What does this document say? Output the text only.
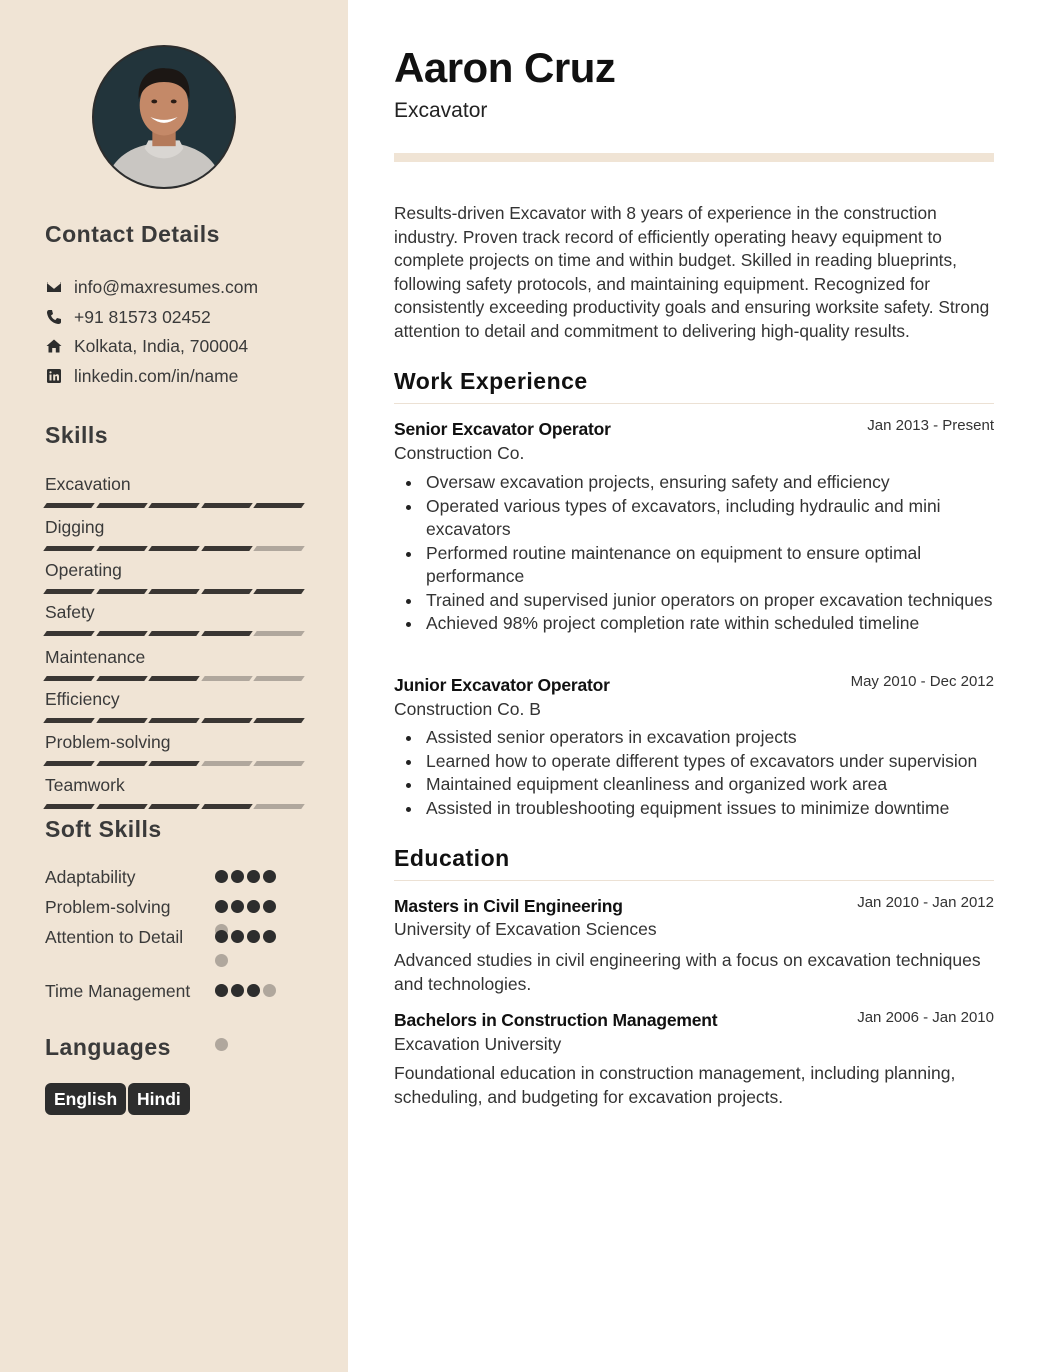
Contact Details
info@maxresumes.com
+91 81573 02452
Kolkata, India, 700004
linkedin.com/in/name
Skills
Excavation
Digging
Operating
Safety
Maintenance
Efficiency
Problem-solving
Teamwork
Soft Skills
Adaptability
Problem-solving
Attention to Detail
Time Management
Languages
English	Hindi
Aaron Cruz
Excavator
Results-driven Excavator with 8 years of experience in the construction industry. Proven track record of efficiently operating heavy equipment to complete projects on time and within budget. Skilled in reading blueprints, following safety protocols, and maintaining equipment. Recognized for consistently exceeding productivity goals and ensuring worksite safety. Strong attention to detail and commitment to delivering high-quality results.
Work Experience
Senior Excavator Operator	Jan 2013 - Present
Construction Co.
Oversaw excavation projects, ensuring safety and efficiency
Operated various types of excavators, including hydraulic and mini excavators
Performed routine maintenance on equipment to ensure optimal performance
Trained and supervised junior operators on proper excavation techniques
Achieved 98% project completion rate within scheduled timeline
Junior Excavator Operator	May 2010 - Dec 2012
Construction Co. B
Assisted senior operators in excavation projects
Learned how to operate different types of excavators under supervision
Maintained equipment cleanliness and organized work area
Assisted in troubleshooting equipment issues to minimize downtime
Education
Masters in Civil Engineering	Jan 2010 - Jan 2012
University of Excavation Sciences
Advanced studies in civil engineering with a focus on excavation techniques and technologies.
Bachelors in Construction Management	Jan 2006 - Jan 2010
Excavation University
Foundational education in construction management, including planning, scheduling, and budgeting for excavation projects.
